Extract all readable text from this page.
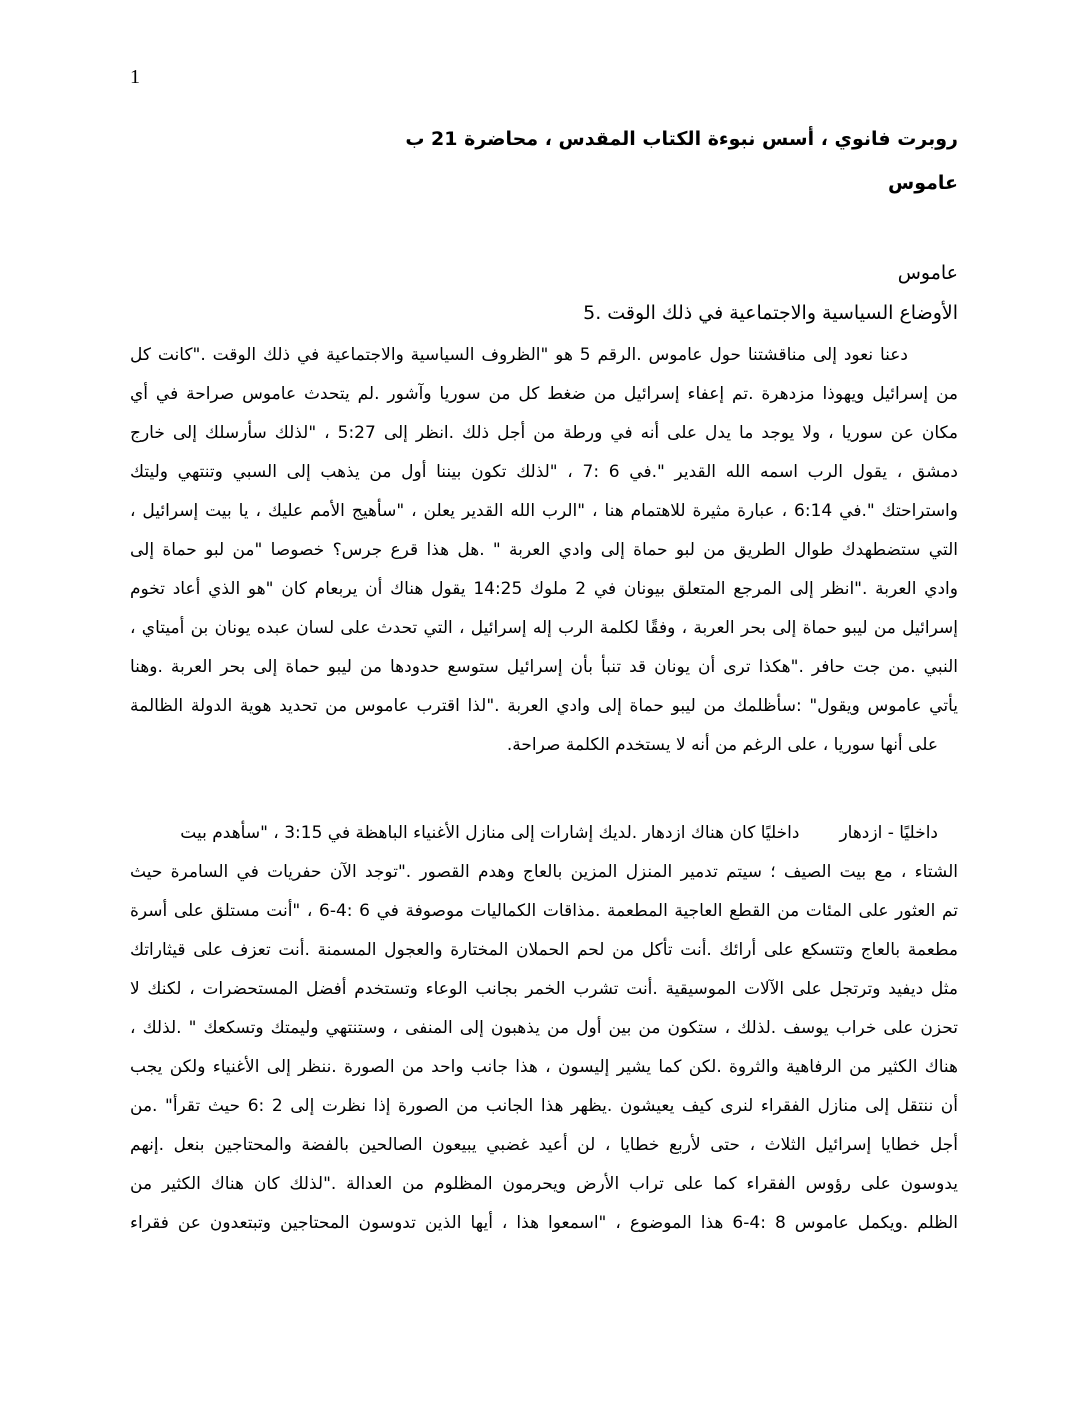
1
روبرت فانوي ، أسس نبوءة الكتاب المقدس ، محاضرة 21 ب
عاموس
عاموس
الأوضاع السياسية والاجتماعية في ذلك الوقت .5
دعنا نعود إلى مناقشتنا حول عاموس .الرقم 5 هو "الظروف السياسية والاجتماعية في ذلك الوقت ."كانت كل
من إسرائيل ويهوذا مزدهرة .تم إعفاء إسرائيل من ضغط كل من سوريا وآشور .لم يتحدث عاموس صراحة في أي
مكان عن سوريا ، ولا يوجد ما يدل على أنه في ورطة من أجل ذلك .انظر إلى 5:27 ، "لذلك سأرسلك إلى خارج
دمشق ، يقول الرب اسمه الله القدير ".في 6 :7 ، "لذلك تكون بيننا أول من يذهب إلى السبي وتنتهي وليتك
واستراحتك ".في 6:14 ، عبارة مثيرة للاهتمام هنا ، "الرب الله القدير يعلن ، "سأهيج الأمم عليك ، يا بيت إسرائيل ،
التي ستضطهدك طوال الطريق من لبو حماة إلى وادي العربة " .هل هذا قرع جرس؟ خصوصا "من لبو حماة إلى
وادي العربة ."انظر إلى المرجع المتعلق بيونان في 2 ملوك 14:25 يقول هناك أن يربعام كان "هو الذي أعاد تخوم
إسرائيل من ليبو حماة إلى بحر العربة ، وفقًا لكلمة الرب إله إسرائيل ، التي تحدث على لسان عبده يونان بن أميتاي ،
النبي .من جت حافر ."هكذا ترى أن يونان قد تنبأ بأن إسرائيل ستوسع حدودها من ليبو حماة إلى بحر العربة .وهنا
يأتي عاموس ويقول" :سأظلمك من ليبو حماة إلى وادي العربة ."لذا اقترب عاموس من تحديد هوية الدولة الظالمة
على أنها سوريا ، على الرغم من أنه لا يستخدم الكلمة صراحة.
داخليًا - ازدهارداخليًا كان هناك ازدهار .لديك إشارات إلى منازل الأغنياء الباهظة في 3:15 ، "سأهدم بيت
الشتاء ، مع بيت الصيف ؛ سيتم تدمير المنزل المزين بالعاج وهدم القصور ."توجد الآن حفريات في السامرة حيث
تم العثور على المئات من القطع العاجية المطعمة .مذاقات الكماليات موصوفة في 6 :4-6 ، "أنت مستلق على أسرة
مطعمة بالعاج وتتسكع على أرائك .أنت تأكل من لحم الحملان المختارة والعجول المسمنة .أنت تعزف على قيثاراتك
مثل ديفيد وترتجل على الآلات الموسيقية .أنت تشرب الخمر بجانب الوعاء وتستخدم أفضل المستحضرات ، لكنك لا
تحزن على خراب يوسف .لذلك ، ستكون من بين أول من يذهبون إلى المنفى ، وستنتهي وليمتك وتسكعك " .لذلك ،
هناك الكثير من الرفاهية والثروة .لكن كما يشير إليسون ، هذا جانب واحد من الصورة .ننظر إلى الأغنياء ولكن يجب
أن ننتقل إلى منازل الفقراء لنرى كيف يعيشون .يظهر هذا الجانب من الصورة إذا نظرت إلى 2 :6 حيث تقرأ" .من
أجل خطايا إسرائيل الثلاث ، حتى لأربع خطايا ، لن أعيد غضبي يبيعون الصالحين بالفضة والمحتاجين بنعل .إنهم
يدوسون على رؤوس الفقراء كما على تراب الأرض ويحرمون المظلوم من العدالة ."لذلك كان هناك الكثير من
الظلم .ويكمل عاموس 8 :4-6 هذا الموضوع ، "اسمعوا هذا ، أيها الذين تدوسون المحتاجين وتبتعدون عن فقراء
